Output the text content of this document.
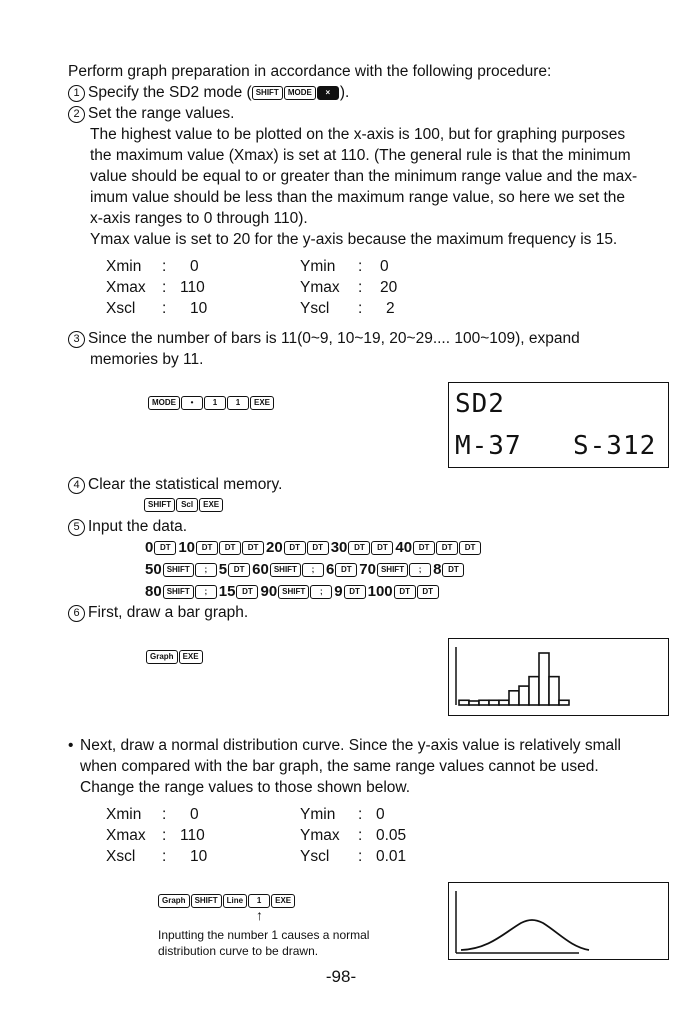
Perform graph preparation in accordance with the following procedure:
1 Specify the SD2 mode ( SHIFT MODE × ).
2 Set the range values.
The highest value to be plotted on the x-axis is 100, but for graphing purposes
the maximum value (Xmax) is set at 110. (The general rule is that the minimum
value should be equal to or greater than the minimum range value and the max-
imum value should be less than the maximum range value, so here we set the
x-axis ranges to 0 through 110).
Ymax value is set to 20 for the y-axis because the maximum frequency is 15.
Xmin	:	0	Ymin	:	0
Xmax	:	110	Ymax	:	20
Xscl	:	10	Yscl	:	2
3 Since the number of bars is 11(0~9, 10~19, 20~29.... 100~109), expand
memories by 11.
MODE • 1 1 EXE	SD2
M-37 S-312
4 Clear the statistical memory.
SHIFT Scl EXE
5 Input the data.
0 DT 10 DT DT DT 20 DT DT 30 DT DT 40 DT DT DT
50 SHIFT ; 5 DT 60 SHIFT ; 6 DT 70 SHIFT ; 8 DT
80 SHIFT ; 15 DT 90 SHIFT ; 9 DT 100 DT DT
6 First, draw a bar graph.
Graph EXE
• Next, draw a normal distribution curve. Since the y-axis value is relatively small
when compared with the bar graph, the same range values cannot be used.
Change the range values to those shown below.
Xmin	:	0	Ymin	:	0
Xmax	:	110	Ymax	:	0.05
Xscl	:	10	Yscl	:	0.01
Graph SHIFT Line 1 EXE
↑
Inputting the number 1 causes a normal
distribution curve to be drawn.
-98-
